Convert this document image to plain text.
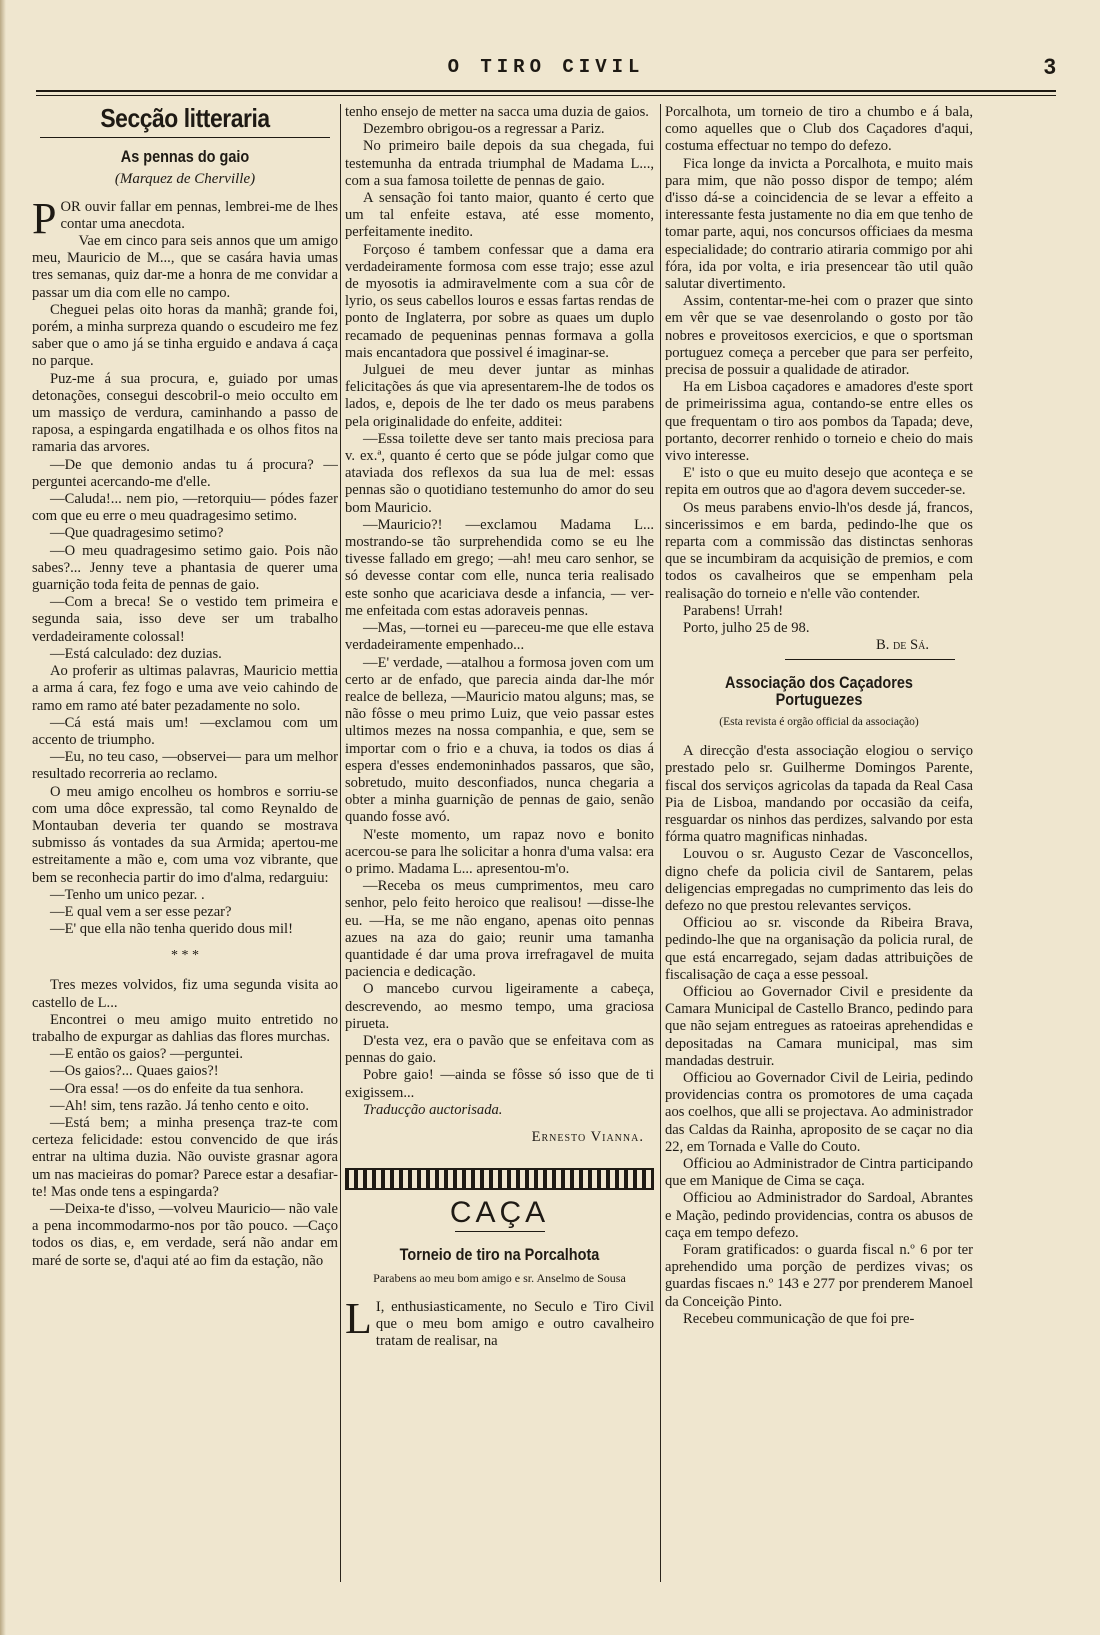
O TIRO CIVIL	3
Secção litteraria
As pennas do gaio
(Marquez de Cherville)

POR ouvir fallar em pennas, lembrei-me de lhes contar uma anecdota.

Vae em cinco para seis annos que um amigo meu, Mauricio de M..., que se casára havia umas tres semanas, quiz dar-me a honra de me convidar a passar um dia com elle no campo.

Cheguei pelas oito horas da manhã; grande foi, porém, a minha surpreza quando o escudeiro me fez saber que o amo já se tinha erguido e andava á caça no parque.

Puz-me á sua procura, e, guiado por umas detonações, consegui descobril-o meio occulto em um massiço de verdura, caminhando a passo de raposa, a espingarda engatilhada e os olhos fitos na ramaria das arvores.

—De que demonio andas tu á procura? —perguntei acercando-me d'elle.

—Caluda!... nem pio, —retorquiu— pódes fazer com que eu erre o meu quadragesimo setimo.

—Que quadragesimo setimo?

—O meu quadragesimo setimo gaio. Pois não sabes?... Jenny teve a phantasia de querer uma guarnição toda feita de pennas de gaio.

—Com a breca! Se o vestido tem primeira e segunda saia, isso deve ser um trabalho verdadeiramente colossal!

—Está calculado: dez duzias.

Ao proferir as ultimas palavras, Mauricio mettia a arma á cara, fez fogo e uma ave veio cahindo de ramo em ramo até bater pezadamente no solo.

—Cá está mais um! —exclamou com um accento de triumpho.

—Eu, no teu caso, —observei— para um melhor resultado recorreria ao reclamo.

O meu amigo encolheu os hombros e sorriu-se com uma dôce expressão, tal como Reynaldo de Montauban deveria ter quando se mostrava submisso ás vontades da sua Armida; apertou-me estreitamente a mão e, com uma voz vibrante, que bem se reconhecia partir do imo d'alma, redarguiu:

—Tenho um unico pezar. .

—E qual vem a ser esse pezar?

—E' que ella não tenha querido dous mil!

* * *

Tres mezes volvidos, fiz uma segunda visita ao castello de L...

Encontrei o meu amigo muito entretido no trabalho de expurgar as dahlias das flores murchas.

—E então os gaios? —perguntei.

—Os gaios?... Quaes gaios?!

—Ora essa! —os do enfeite da tua senhora.

—Ah! sim, tens razão. Já tenho cento e oito.

—Está bem; a minha presença traz-te com certeza felicidade: estou convencido de que irás entrar na ultima duzia. Não ouviste grasnar agora um nas macieiras do pomar? Parece estar a desafiar-te! Mas onde tens a espingarda?

—Deixa-te d'isso, —volveu Mauricio— não vale a pena incommodarmo-nos por tão pouco. —Caço todos os dias, e, em verdade, será não andar em maré de sorte se, d'aqui até ao fim da estação, não

tenho ensejo de metter na sacca uma duzia de gaios.

Dezembro obrigou-os a regressar a Pariz.

No primeiro baile depois da sua chegada, fui testemunha da entrada triumphal de Madama L..., com a sua famosa toilette de pennas de gaio.

A sensação foi tanto maior, quanto é certo que um tal enfeite estava, até esse momento, perfeitamente inedito.

Forçoso é tambem confessar que a dama era verdadeiramente formosa com esse trajo; esse azul de myosotis ia admiravelmente com a sua côr de lyrio, os seus cabellos louros e essas fartas rendas de ponto de Inglaterra, por sobre as quaes um duplo recamado de pequeninas pennas formava a golla mais encantadora que possivel é imaginar-se.

Julguei de meu dever juntar as minhas felicitações ás que via apresentarem-lhe de todos os lados, e, depois de lhe ter dado os meus parabens pela originalidade do enfeite, additei:

—Essa toilette deve ser tanto mais preciosa para v. ex.ª, quanto é certo que se póde julgar como que ataviada dos reflexos da sua lua de mel: essas pennas são o quotidiano testemunho do amor do seu bom Mauricio.

—Mauricio?! —exclamou Madama L... mostrando-se tão surprehendida como se eu lhe tivesse fallado em grego; —ah! meu caro senhor, se só devesse contar com elle, nunca teria realisado este sonho que acariciava desde a infancia, — ver-me enfeitada com estas adoraveis pennas.

—Mas, —tornei eu —pareceu-me que elle estava verdadeiramente empenhado...

—E' verdade, —atalhou a formosa joven com um certo ar de enfado, que parecia ainda dar-lhe mór realce de belleza, —Mauricio matou alguns; mas, se não fôsse o meu primo Luiz, que veio passar estes ultimos mezes na nossa companhia, e que, sem se importar com o frio e a chuva, ia todos os dias á espera d'esses endemoninhados passaros, que são, sobretudo, muito desconfiados, nunca chegaria a obter a minha guarnição de pennas de gaio, senão quando fosse avó.

N'este momento, um rapaz novo e bonito acercou-se para lhe solicitar a honra d'uma valsa: era o primo. Madama L... apresentou-m'o.

—Receba os meus cumprimentos, meu caro senhor, pelo feito heroico que realisou! —disse-lhe eu. —Ha, se me não engano, apenas oito pennas azues na aza do gaio; reunir uma tamanha quantidade é dar uma prova irrefragavel de muita paciencia e dedicação.

O mancebo curvou ligeiramente a cabeça, descrevendo, ao mesmo tempo, uma graciosa pirueta.

D'esta vez, era o pavão que se enfeitava com as pennas do gaio.

Pobre gaio! —ainda se fôsse só isso que de ti exigissem...

Traducção auctorisada.

Ernesto Vianna.
CAÇA
Torneio de tiro na Porcalhota
Parabens ao meu bom amigo e sr. Anselmo de Sousa

L I, enthusiasticamente, no Seculo e Tiro Civil que o meu bom amigo e outro cavalheiro tratam de realisar, na

Porcalhota, um torneio de tiro a chumbo e á bala, como aquelles que o Club dos Caçadores d'aqui, costuma effectuar no tempo do defezo.

Fica longe da invicta a Porcalhota, e muito mais para mim, que não posso dispor de tempo; além d'isso dá-se a coincidencia de se levar a effeito a interessante festa justamente no dia em que tenho de tomar parte, aqui, nos concursos officiaes da mesma especialidade; do contrario atiraria commigo por ahi fóra, ida por volta, e iria presencear tão util quão salutar divertimento.

Assim, contentar-me-hei com o prazer que sinto em vêr que se vae desenrolando o gosto por tão nobres e proveitosos exercicios, e que o sportsman portuguez começa a perceber que para ser perfeito, precisa de possuir a qualidade de atirador.

Ha em Lisboa caçadores e amadores d'este sport de primeirissima agua, contando-se entre elles os que frequentam o tiro aos pombos da Tapada; deve, portanto, decorrer renhido o torneio e cheio do mais vivo interesse.

E' isto o que eu muito desejo que aconteça e se repita em outros que ao d'agora devem succeder-se.

Os meus parabens envio-lh'os desde já, francos, sincerissimos e em barda, pedindo-lhe que os reparta com a commissão das distinctas senhoras que se incumbiram da acquisição de premios, e com todos os cavalheiros que se empenham pela realisação do torneio e n'elle vão contender.

Parabens! Urrah!

Porto, julho 25 de 98.

B. de Sá.
Associação dos Caçadores Portuguezes
(Esta revista é orgão official da associação)

A direcção d'esta associação elogiou o serviço prestado pelo sr. Guilherme Domingos Parente, fiscal dos serviços agricolas da tapada da Real Casa Pia de Lisboa, mandando por occasião da ceifa, resguardar os ninhos das perdizes, salvando por esta fórma quatro magnificas ninhadas.

Louvou o sr. Augusto Cezar de Vasconcellos, digno chefe da policia civil de Santarem, pelas deligencias empregadas no cumprimento das leis do defezo no que prestou relevantes serviços.

Officiou ao sr. visconde da Ribeira Brava, pedindo-lhe que na organisação da policia rural, de que está encarregado, sejam dadas attribuições de fiscalisação de caça a esse pessoal.

Officiou ao Governador Civil e presidente da Camara Municipal de Castello Branco, pedindo para que não sejam entregues as ratoeiras aprehendidas e depositadas na Camara municipal, mas sim mandadas destruir.

Officiou ao Governador Civil de Leiria, pedindo providencias contra os promotores de uma caçada aos coelhos, que alli se projectava. Ao administrador das Caldas da Rainha, aproposito de se caçar no dia 22, em Tornada e Valle do Couto.

Officiou ao Administrador de Cintra participando que em Manique de Cima se caça.

Officiou ao Administrador do Sardoal, Abrantes e Mação, pedindo providencias, contra os abusos de caça em tempo defezo.

Foram gratificados: o guarda fiscal n.º 6 por ter aprehendido uma porção de perdizes vivas; os guardas fiscaes n.º 143 e 277 por prenderem Manoel da Conceição Pinto.

Recebeu communicação de que foi pre-
